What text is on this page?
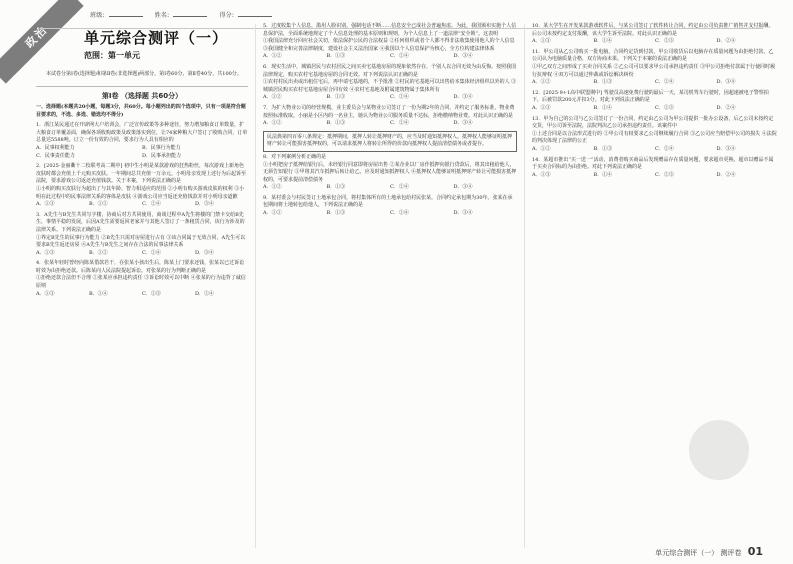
政治
班级:	姓名:	得分:
单元综合测评（一）
范围：第一单元
本试卷分第Ⅰ卷(选择题)和第Ⅱ卷(非选择题)两部分。第Ⅰ卷60分，第Ⅱ卷40分，共100分。
第Ⅰ卷 （选择题 共60分）
一、选择题(本题共20小题，每题3分，共60分。每小题列出的四个选项中，只有一项是符合题目要求的，不选、多选、错选均不得分)

1．浙江某民通过在开辟网大户培训会，广泛宣传政策等多种途径，努力增加粮食订单数量，扩大粮食订单覆盖面，确保各项收购政策及政策落实到位，让74家种粮大户签订了收购合同，订单总量达5588吨。订立一份有效的合同，要求行为人具有相应的

A．民事权利能力	B．民事行为能力
C．民事责任能力	D．民事承担能力

2．[2025·金丽衢十二校联考高二期中] 初中生小明是某款游戏的狂热粉丝，每次游戏上新角色皮肤时都会充值上千元购买皮肤。一年期间总共充值一万余元。小明母亲发现上述行为后起诉至法院，要求游戏公司返还充值钱款。关于本案，下列说法正确的是

①小明的购买皮肤行为超出了与其年龄、智力相适应的范围 ②小明有购买游戏皮肤的权利 ③小明在此过程中的民事法律关系的客体是皮肤 ④游戏公司应当返还充值钱款并对小明母亲道歉

A．①③	B．①②	C．②④	D．③④

3．A先生与B先生共同写字楼，协商后对方共同使用，商谈过程中A先生将楼的门禁卡交给B先生，事情平稳的发展，后因A先生需要返回老家并与其他人签订了一条租赁合同，该行为涉及的法律关系。下列说法正确的是

①界定B先生的民事行为能力 ②B先生只需对房屋进行占有 ③该合同属于无效合同，A先生可以要求B先生返还房屋 ④A先生与B先生之间存在合法的民事法律关系

A．①③	B．①②	C．②④	D．③④

4．张某年轻时曾经向陈某借款若干，在张某小孩出生后，陈某上门要求还钱，张某以已过诉讼时效为由拒绝还款。后陈某向人民法院提起诉讼。对张某的行为判断正确的是

①拒绝还款合法但不合理 ②张某应承担违约责任 ③诉讼时效可以中断 ④张某的行为违背了诚信原则

A．①③	B．①④	C．②③	D．②④

5．过度收集个人信息，滥用人脸识别，强制电话不断……信息安全已成社会普遍焦虑。为此，我国颁布实施个人信息保护法，全面系统地规定了个人信息处理的基本原则和规则，为个人信息上了一道法律“安全锁”。这表明

①我国法律充分回应社会关切，依法保护公民的合法权益 ②任何组织或者个人都不得非法收集使用他人的个人信息 ③我国健全和完善法律制度，建设社会主义法治国家 ④我国以个人信息保护为核心，全方位构建法律体系

A．①②	B．①③	C．②④	D．③④

6．现实生活中，城镇居民与农村居民之间买卖宅基地房屋的现象依然存在，个别人以合同无效为由反悔。按照我国法律规定，购买农村宅基地房屋的合同无效。对下列说法认识正确的是

①农村村民出卖或出租住宅后，再申请宅基地的，不予批准 ②村民的宅基地可以出售给本集体经济组织以外的人 ③城镇居民购买农村宅基地房屋合同有效 ④农村宅基地及附属建筑物属于集体所有

A．①②	B．①③	C．②④	D．③④

7．为扩大物业公司的经营规模，业主委员会与某物业公司签订了一份为期2年的合同，并约定了服务标准，物业费按照标准收取。小丽是小区内的一名业主，她认为物业公司服务质量不达标，拒绝缴纳物业费。对此认识正确的是

A．①②	B．①③	C．②④	D．③④
民法典第四百零八条规定：抵押期间，抵押人转让抵押财产的，应当及时通知抵押权人。抵押权人能够证明抵押财产转让可能损害抵押权的，可以请求抵押人将转让所得的价款向抵押权人提前清偿债务或者提存。

8．对下列案例分析正确的是

①小明把房子抵押给银行后，未经银行同意即将房屋出售 ②某企业以厂房作抵押向银行贷款后，将其出租给他人，无须告知银行 ③甲将其汽车抵押后转让给乙，应及时通知抵押权人 ④抵押权人能够证明抵押财产转让可能损害抵押权的，可要求提前清偿债务

A．①②	B．①③	C．②④	D．③④

9．某村委会与村民签订土地承包合同，将村集体所有的土地承包给村民张某，合同约定承包期为30年。张某在承包期间将土地转包给他人，下列说法正确的是

A．①②	B．①③	C．②④	D．③④

10．某大学生在开发某款游戏软件后，与某公司签订了软件转让合同，约定由公司负责推广销售并支付报酬。后公司未按约定支付报酬，该大学生诉至法院。对此认识正确的是

A．①③	B．①④	C．②③	D．②④

11．甲公司从乙公司购买一批电脑，合同约定货到付款，甲公司收货后以电脑存在质量问题为由拒绝付款，乙公司认为电脑质量合格，双方协商未果。下列关于本案的说法正确的是

①甲乙双方之间形成了买卖合同关系 ②乙公司可以要求甲公司承担违约责任 ③甲公司拒绝付款属于行使同时履行抗辩权 ④双方可以通过仲裁或诉讼解决纠纷

A．①②	B．①③	C．②④	D．③④

12．[2025·9+1高中联盟期中] 驾驶员高速免费行驶的最后一天，某司机驾车行驶时，因超速被电子警察拍下，后被罚款200元并扣3分。对此下列说法正确的是

A．①③	B．①④	C．②③	D．②④

13．甲为自己的公司与乙公司签订了一份合同，约定由乙公司为甲公司提供一批办公设备，后乙公司未按约定交货，甲公司诉至法院，法院判决乙公司承担违约责任。该案件中

①上述合同是以合法形式进行的 ②甲公司有权要求乙公司继续履行合同 ③乙公司应当赔偿甲公司的损失 ④法院的判决体现了法律的公正

A．①②	B．①③	C．②④	D．③④

14．某超市推出“买一送一”活动，消费者购买商品后发现赠品存在质量问题，要求超市更换。超市以赠品不属于买卖合同标的为由拒绝。对此下列说法正确的是

A．①③	B．①④	C．②③	D．②④
单元综合测评（一） 测评卷 01
